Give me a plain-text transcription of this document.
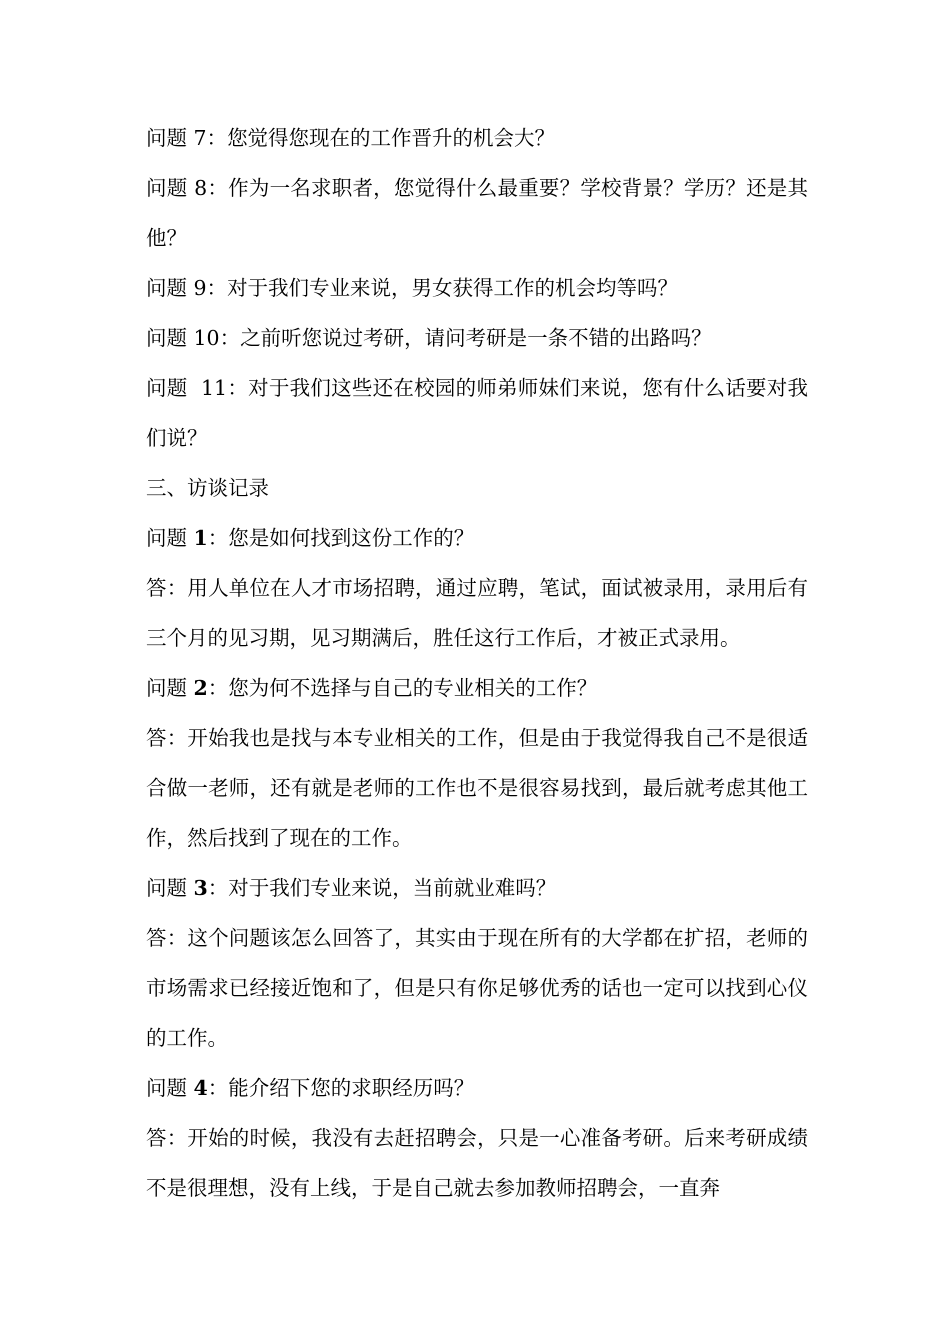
问题 7：您觉得您现在的工作晋升的机会大？

问题 8：作为一名求职者，您觉得什么最重要？学校背景？学历？还是其他？

问题 9：对于我们专业来说，男女获得工作的机会均等吗？

问题 10：之前听您说过考研，请问考研是一条不错的出路吗？

问题  11：对于我们这些还在校园的师弟师妹们来说，您有什么话要对我们说？

三、访谈记录

问题 1：您是如何找到这份工作的？

答：用人单位在人才市场招聘，通过应聘，笔试，面试被录用，录用后有三个月的见习期，见习期满后，胜任这行工作后，才被正式录用。

问题 2：您为何不选择与自己的专业相关的工作？

答：开始我也是找与本专业相关的工作，但是由于我觉得我自己不是很适合做一老师，还有就是老师的工作也不是很容易找到，最后就考虑其他工作，然后找到了现在的工作。

问题 3：对于我们专业来说，当前就业难吗？

答：这个问题该怎么回答了，其实由于现在所有的大学都在扩招，老师的市场需求已经接近饱和了，但是只有你足够优秀的话也一定可以找到心仪的工作。

问题 4：能介绍下您的求职经历吗？

答：开始的时候，我没有去赶招聘会，只是一心准备考研。后来考研成绩不是很理想，没有上线，于是自己就去参加教师招聘会，一直奔
